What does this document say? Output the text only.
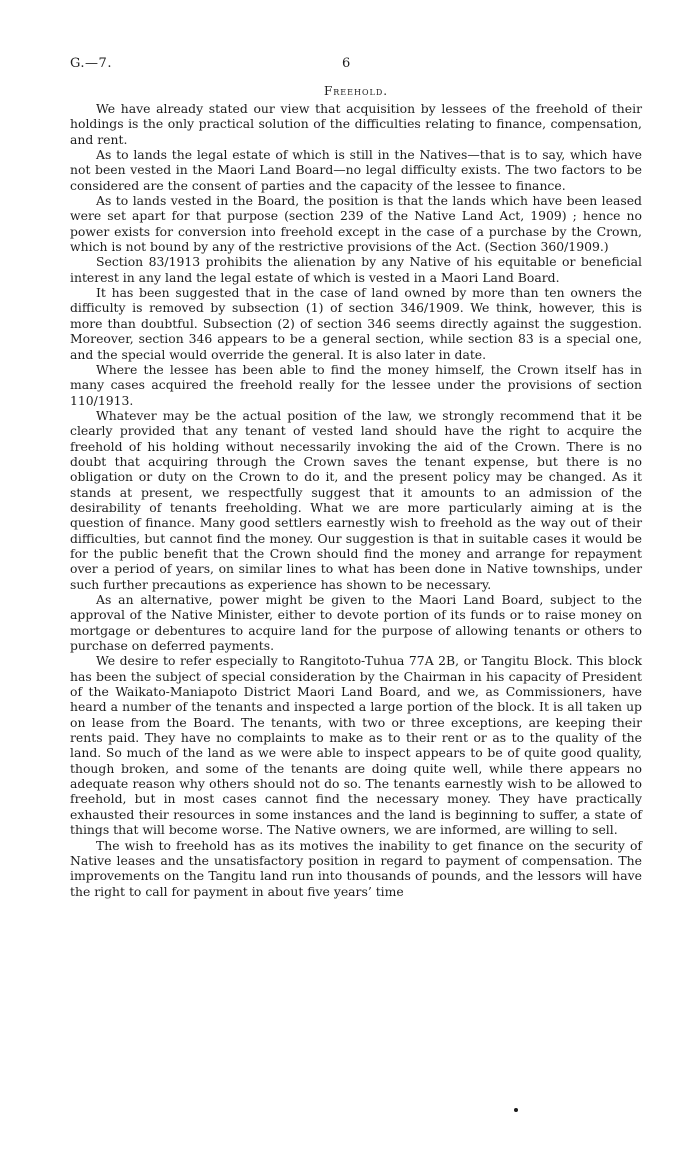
G.—7.	6
Freehold.

We have already stated our view that acquisition by lessees of the freehold of their holdings is the only practical solution of the difficulties relating to finance, compensation, and rent.

As to lands the legal estate of which is still in the Natives—that is to say, which have not been vested in the Maori Land Board—no legal difficulty exists. The two factors to be considered are the consent of parties and the capacity of the lessee to finance.

As to lands vested in the Board, the position is that the lands which have been leased were set apart for that purpose (section 239 of the Native Land Act, 1909) ; hence no power exists for conversion into freehold except in the case of a purchase by the Crown, which is not bound by any of the restrictive provisions of the Act. (Section 360/1909.)

Section 83/1913 prohibits the alienation by any Native of his equitable or beneficial interest in any land the legal estate of which is vested in a Maori Land Board.

It has been suggested that in the case of land owned by more than ten owners the difficulty is removed by subsection (1) of section 346/1909. We think, however, this is more than doubtful. Subsection (2) of section 346 seems directly against the suggestion. Moreover, section 346 appears to be a general section, while section 83 is a special one, and the special would override the general. It is also later in date.

Where the lessee has been able to find the money himself, the Crown itself has in many cases acquired the freehold really for the lessee under the provisions of section 110/1913.

Whatever may be the actual position of the law, we strongly recommend that it be clearly provided that any tenant of vested land should have the right to acquire the freehold of his holding without necessarily invoking the aid of the Crown. There is no doubt that acquiring through the Crown saves the tenant expense, but there is no obligation or duty on the Crown to do it, and the present policy may be changed. As it stands at present, we respectfully suggest that it amounts to an admission of the desirability of tenants freeholding. What we are more particularly aiming at is the question of finance. Many good settlers earnestly wish to freehold as the way out of their difficulties, but cannot find the money. Our suggestion is that in suitable cases it would be for the public benefit that the Crown should find the money and arrange for repayment over a period of years, on similar lines to what has been done in Native townships, under such further precautions as experience has shown to be necessary.

As an alternative, power might be given to the Maori Land Board, subject to the approval of the Native Minister, either to devote portion of its funds or to raise money on mortgage or debentures to acquire land for the purpose of allowing tenants or others to purchase on deferred payments.

We desire to refer especially to Rangitoto-Tuhua 77A 2B, or Tangitu Block. This block has been the subject of special consideration by the Chairman in his capacity of President of the Waikato-Maniapoto District Maori Land Board, and we, as Commissioners, have heard a number of the tenants and inspected a large portion of the block. It is all taken up on lease from the Board. The tenants, with two or three exceptions, are keeping their rents paid. They have no complaints to make as to their rent or as to the quality of the land. So much of the land as we were able to inspect appears to be of quite good quality, though broken, and some of the tenants are doing quite well, while there appears no adequate reason why others should not do so. The tenants earnestly wish to be allowed to freehold, but in most cases cannot find the necessary money. They have practically exhausted their resources in some instances and the land is beginning to suffer, a state of things that will become worse. The Native owners, we are informed, are willing to sell.

The wish to freehold has as its motives the inability to get finance on the security of Native leases and the unsatisfactory position in regard to payment of compensation. The improvements on the Tangitu land run into thousands of pounds, and the lessors will have the right to call for payment in about five years’ time
